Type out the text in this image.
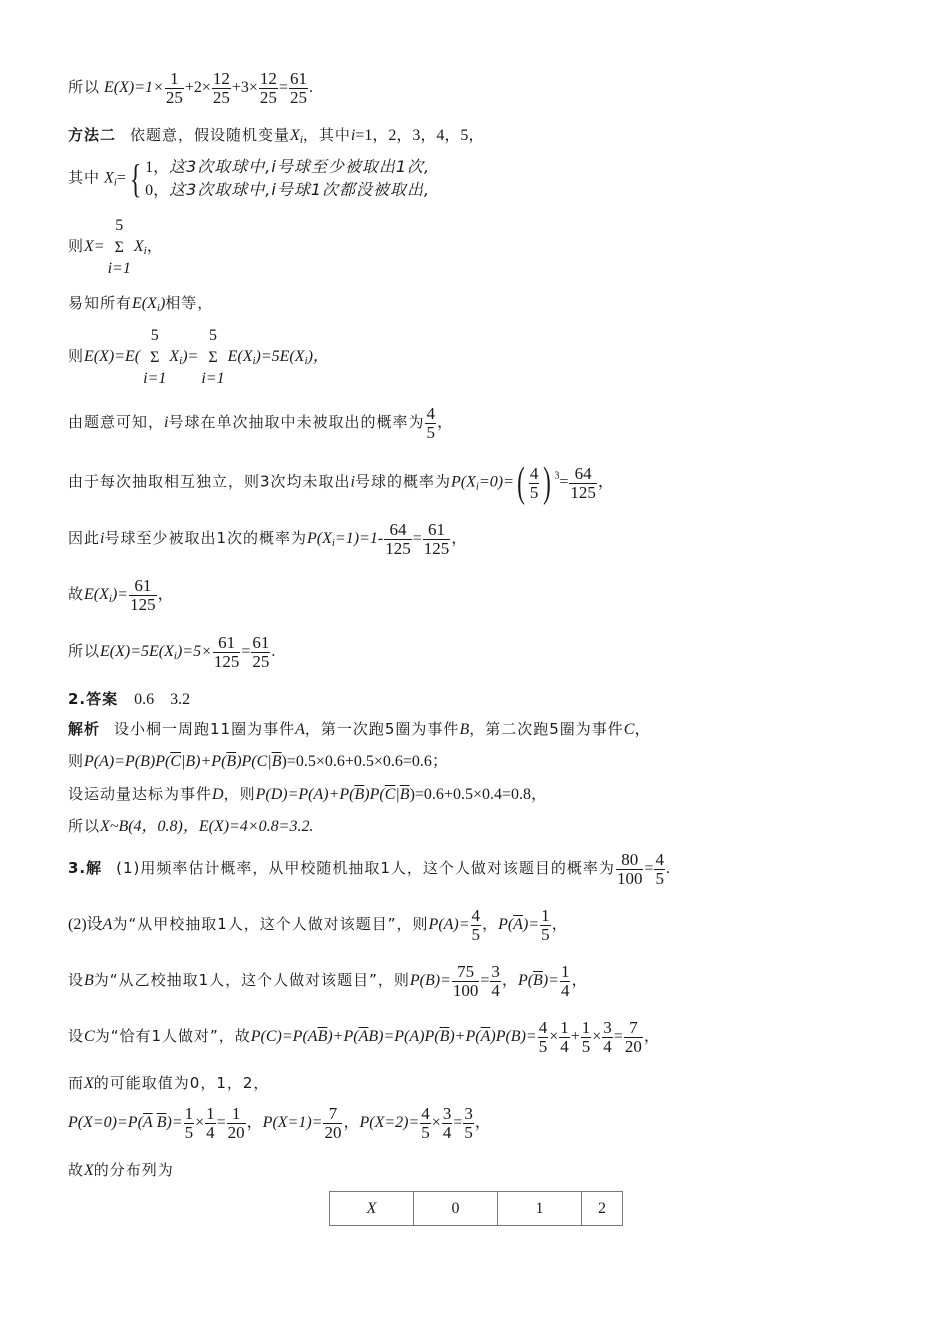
所以 $E(X)=1\times \frac{1}{25} +2\times \frac{12}{25} +3\times \frac{12}{25} = \frac{61}{25}$ .
方法二 依题意，假设随机变量$X_i$，其中i=1，2，3，4，5，
其中 $X_i=${ 1，这3次取球中,i号球至少被取出1次,
0，这3次取球中,i号球1次都没被取出,
则X=
5
Σ
i=1
$X_i$，
易知所有$E(X_i)$相等，
则E(X)=E(
5
Σ
i=1
$X_i)=$
5
Σ
i=1
$E(X_i)=5E(X_i)$，
由题意可知，i号球在单次抽取中未被取出的概率为 $\frac{4}{5}$ ，
由于每次抽取相互独立，则3次均未取出i号球的概率为$P(X_i=0)=( \frac{4}{5}$ ) $^3= \frac{64}{125}$ ，
因此i号球至少被取出1次的概率为$P(X_i=1)=1- \frac{64}{125} = \frac{61}{125}$ ，
故$E(X_i)= \frac{61}{125}$ ，
所以$E(X)=5E(X_i)=5\times \frac{61}{125} = \frac{61}{25}$ .
2.答案 0.6　3.2
解析 设小桐一周跑11圈为事件A，第一次跑5圈为事件B，第二次跑5圈为事件C，
则$P(A)=P(B)P(\overline{C}|B)+P(\overline{B})P(C|\overline{B})=0.5\times 0.6+0.5\times 0.6=0.6$；
设运动量达标为事件D，则$P(D)=P(A)+P(\overline{B})P(\overline{C}|\overline{B})=0.6+0.5\times 0.4=0.8$，
所以X~B(4，0.8)，E(X)=4×0.8=3.2.
3.解 (1)用频率估计概率，从甲校随机抽取1人，这个人做对该题目的概率为 $\frac{80}{100} = \frac{4}{5}$ .
(2)设A为“从甲校抽取1人，这个人做对该题目”，则$P(A)= \frac{4}{5}$ ，$P(\overline{A})= \frac{1}{5}$ ，
设B为“从乙校抽取1人，这个人做对该题目”，则$P(B)= \frac{75}{100} = \frac{3}{4}$ ，$P(\overline{B})= \frac{1}{4}$ ，
设C为“恰有1人做对”，故$P(C)=P(A\overline{B})+P(\overline{A}B)=P(A)P(\overline{B})+P(\overline{A})P(B)= \frac{4}{5} \times \frac{1}{4} + \frac{1}{5} \times \frac{3}{4} = \frac{7}{20}$ ，
而X的可能取值为0，1，2，
$P(X=0)=P(\overline{A}$ $\overline{B})= \frac{1}{5} \times \frac{1}{4} = \frac{1}{20}$ ，$P(X=1)= \frac{7}{20}$ ，$P(X=2)= \frac{4}{5} \times \frac{3}{4} = \frac{3}{5}$ ，
故X的分布列为
X	0	1	2
